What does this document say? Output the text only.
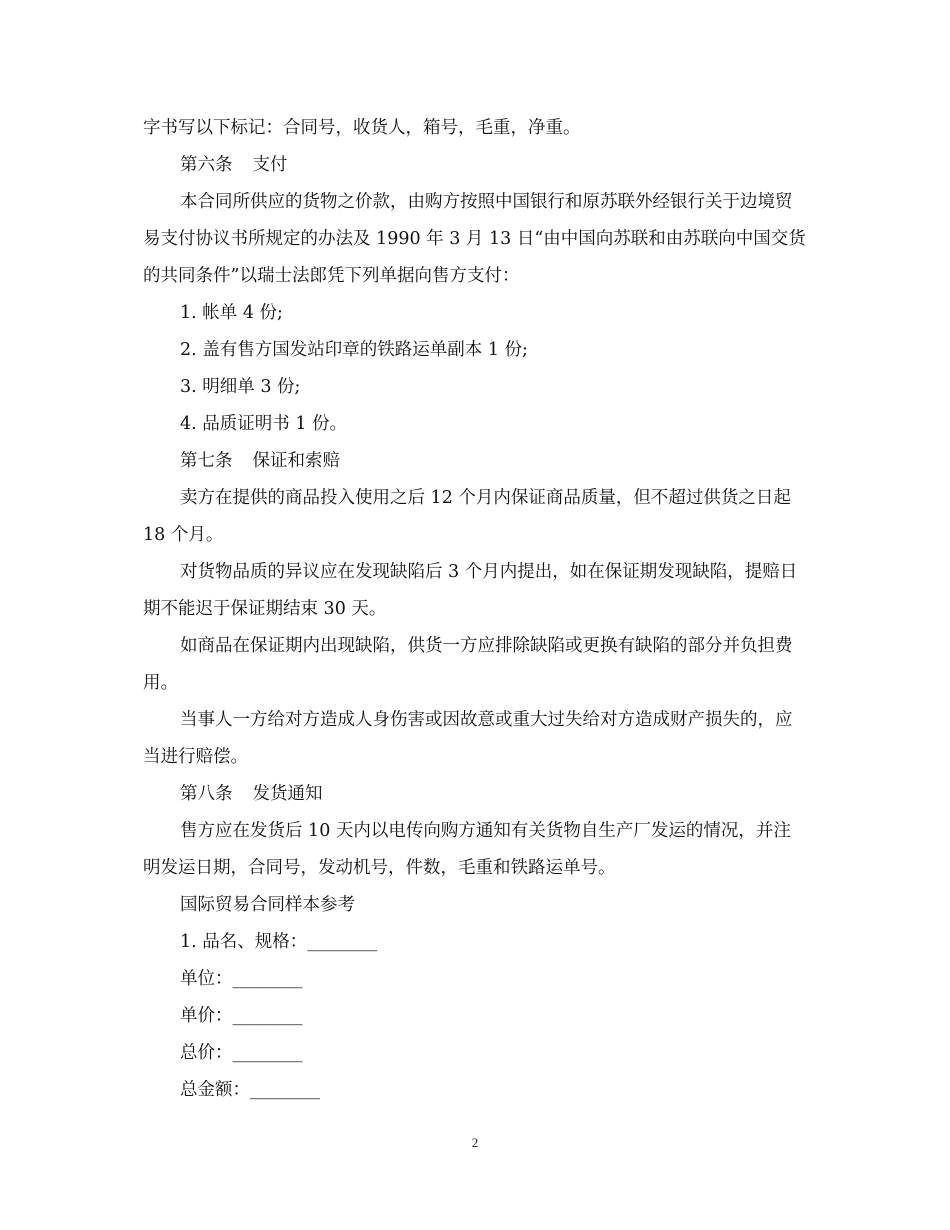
字书写以下标记：合同号，收货人，箱号，毛重，净重。

第六条 支付

本合同所供应的货物之价款，由购方按照中国银行和原苏联外经银行关于边境贸易支付协议书所规定的办法及 1990 年 3 月 13 日“由中国向苏联和由苏联向中国交货的共同条件”以瑞士法郎凭下列单据向售方支付：

1. 帐单 4 份;

2. 盖有售方国发站印章的铁路运单副本 1 份;

3. 明细单 3 份;

4. 品质证明书 1 份。

第七条 保证和索赔

卖方在提供的商品投入使用之后 12 个月内保证商品质量，但不超过供货之日起 18 个月。

对货物品质的异议应在发现缺陷后 3 个月内提出，如在保证期发现缺陷，提赔日期不能迟于保证期结束 30 天。

如商品在保证期内出现缺陷，供货一方应排除缺陷或更换有缺陷的部分并负担费用。

当事人一方给对方造成人身伤害或因故意或重大过失给对方造成财产损失的，应当进行赔偿。

第八条 发货通知

售方应在发货后 10 天内以电传向购方通知有关货物自生产厂发运的情况，并注明发运日期，合同号，发动机号，件数，毛重和铁路运单号。

国际贸易合同样本参考

1. 品名、规格：________

单位：________

单价：________

总价：________

总金额：________

2
